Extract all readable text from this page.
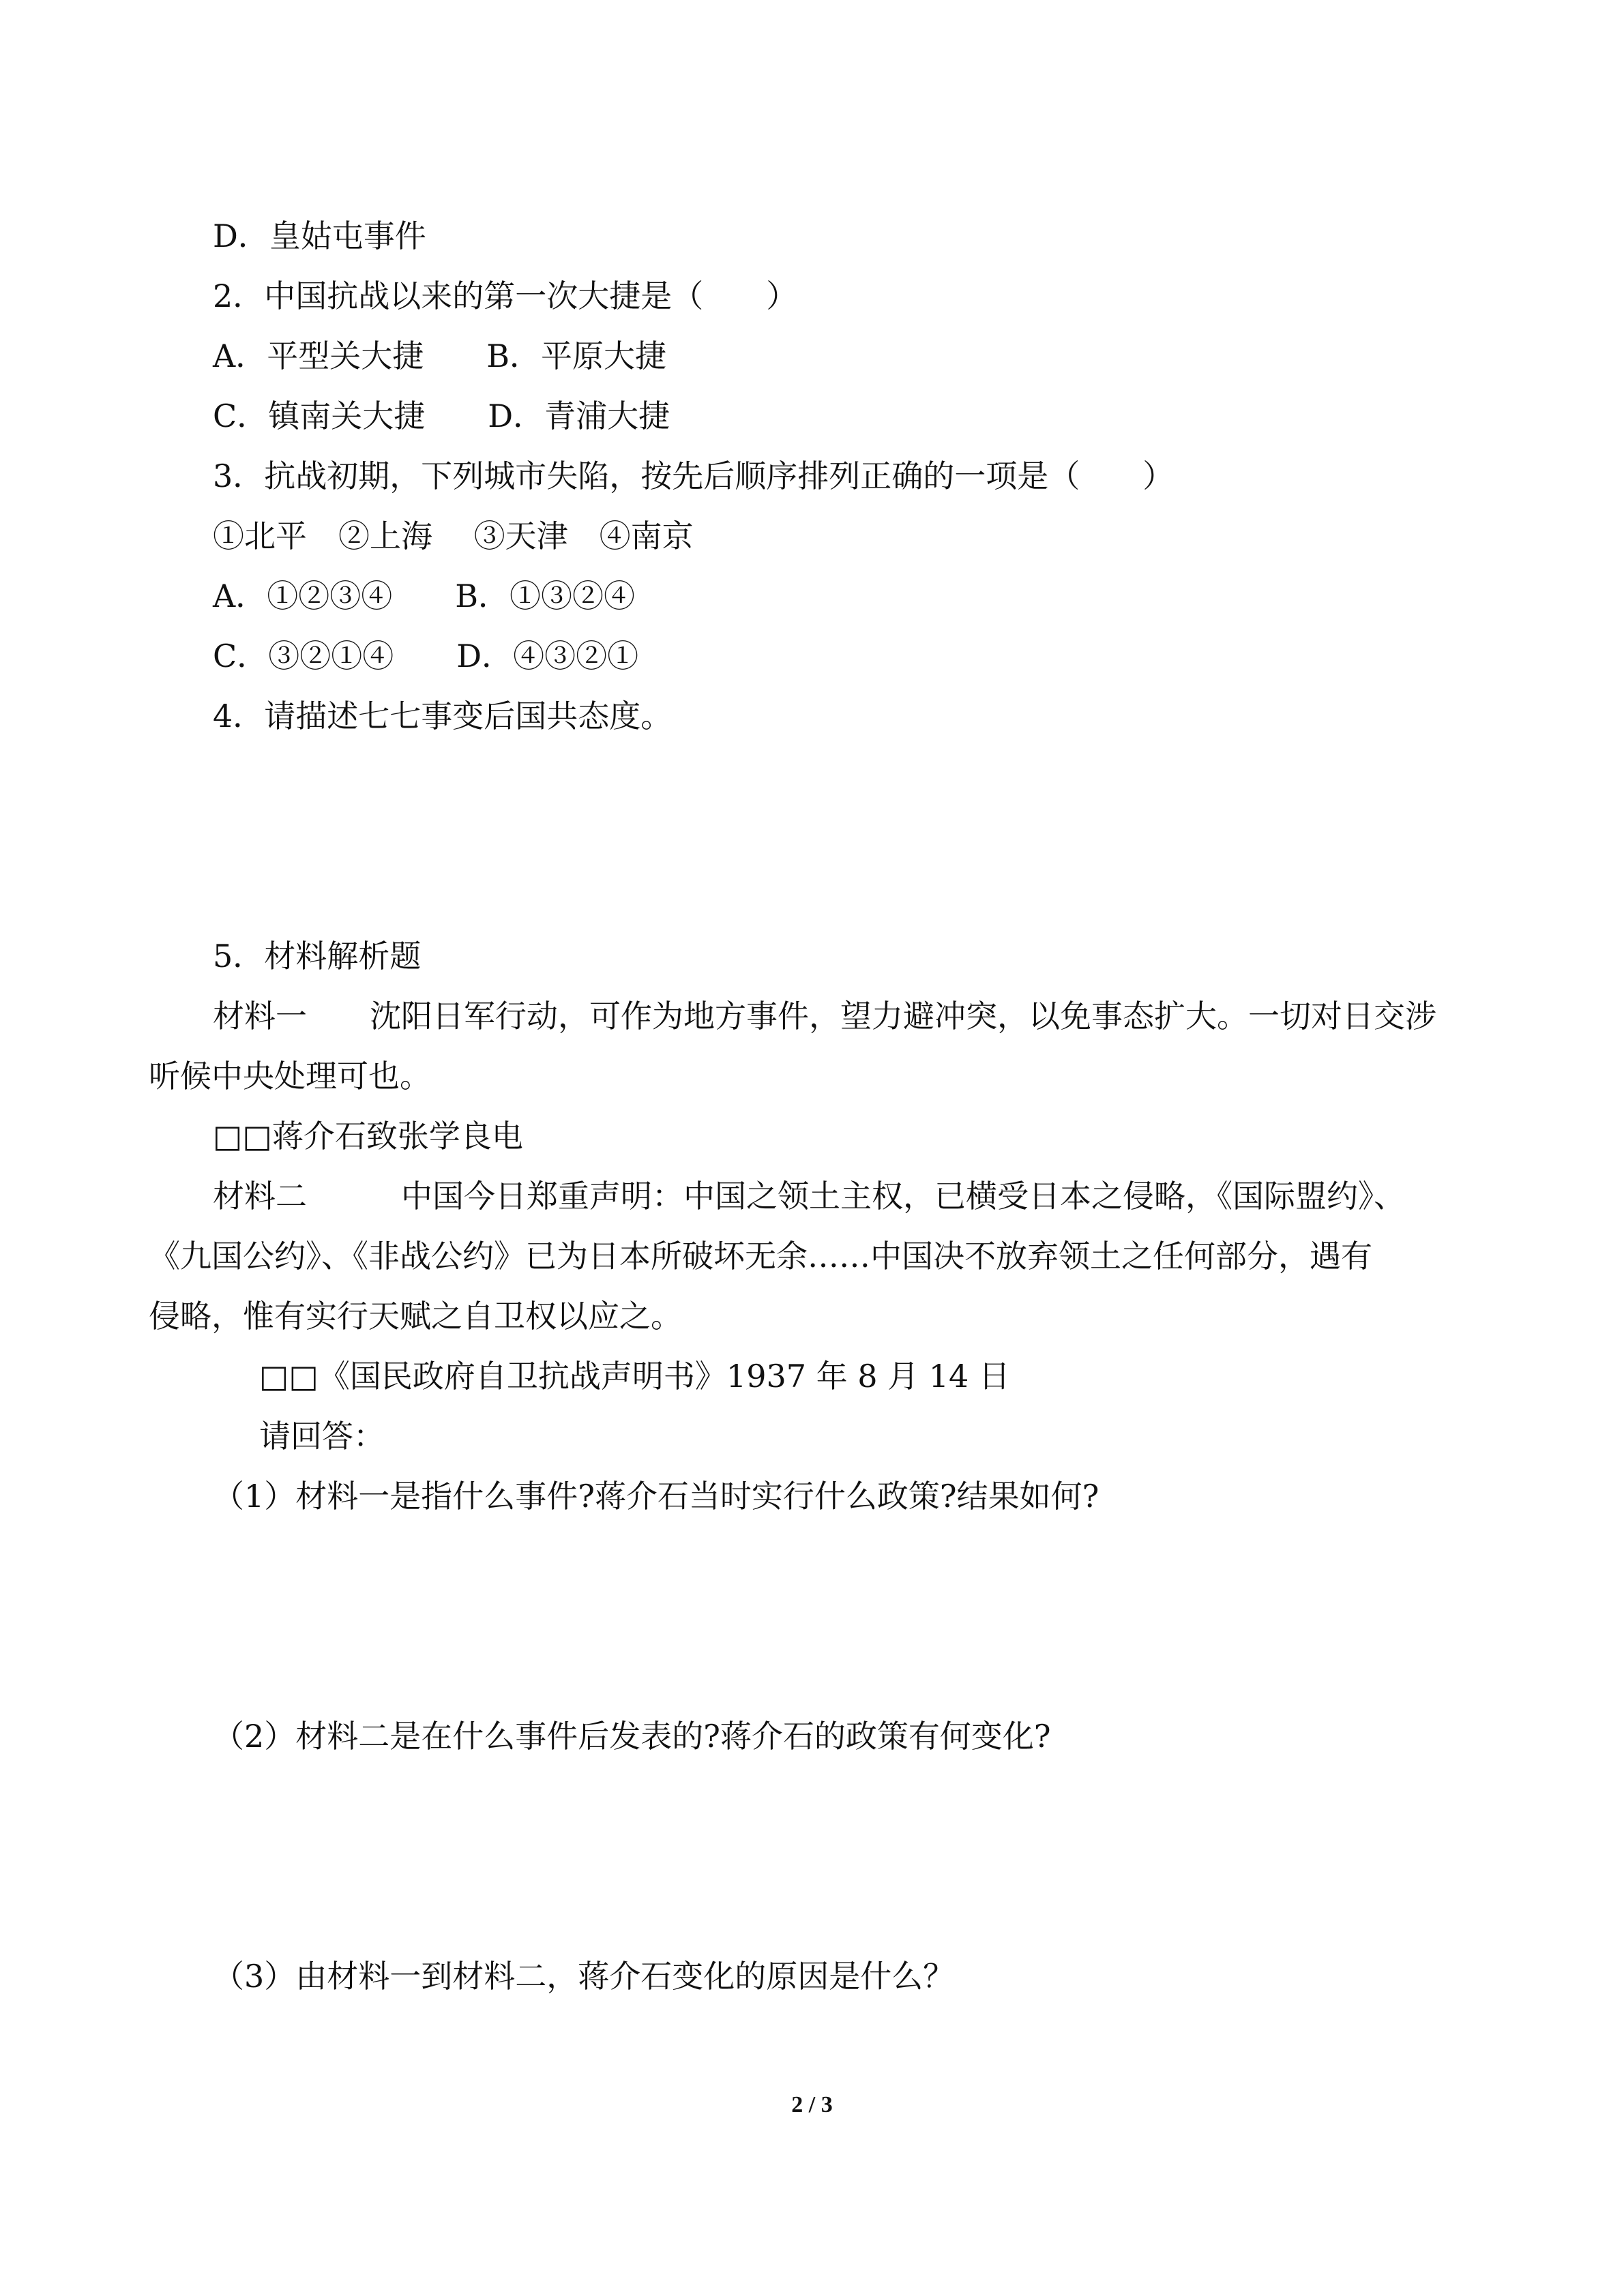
D．皇姑屯事件
2．中国抗战以来的第一次大捷是（　　）
A．平型关大捷　　B．平原大捷
C．镇南关大捷　　D．青浦大捷
3．抗战初期，下列城市失陷，按先后顺序排列正确的一项是（　　）
①北平　②上海　 ③天津　④南京
A．①②③④　　B．①③②④
C．③②①④　　D．④③②①
4．请描述七七事变后国共态度。
5．材料解析题
材料一　　沈阳日军行动，可作为地方事件，望力避冲突，以免事态扩大。一切对日交涉
听候中央处理可也。
□□蒋介石致张学良电
材料二　　　中国今日郑重声明：中国之领土主权，已横受日本之侵略，《国际盟约》、
《九国公约》、《非战公约》已为日本所破坏无余……中国决不放弃领土之任何部分，遇有
侵略，惟有实行天赋之自卫权以应之。
□□《国民政府自卫抗战声明书》1937 年 8 月 14 日
请回答：
（1）材料一是指什么事件?蒋介石当时实行什么政策?结果如何?
（2）材料二是在什么事件后发表的?蒋介石的政策有何变化?
（3）由材料一到材料二，蒋介石变化的原因是什么？
2 / 3
